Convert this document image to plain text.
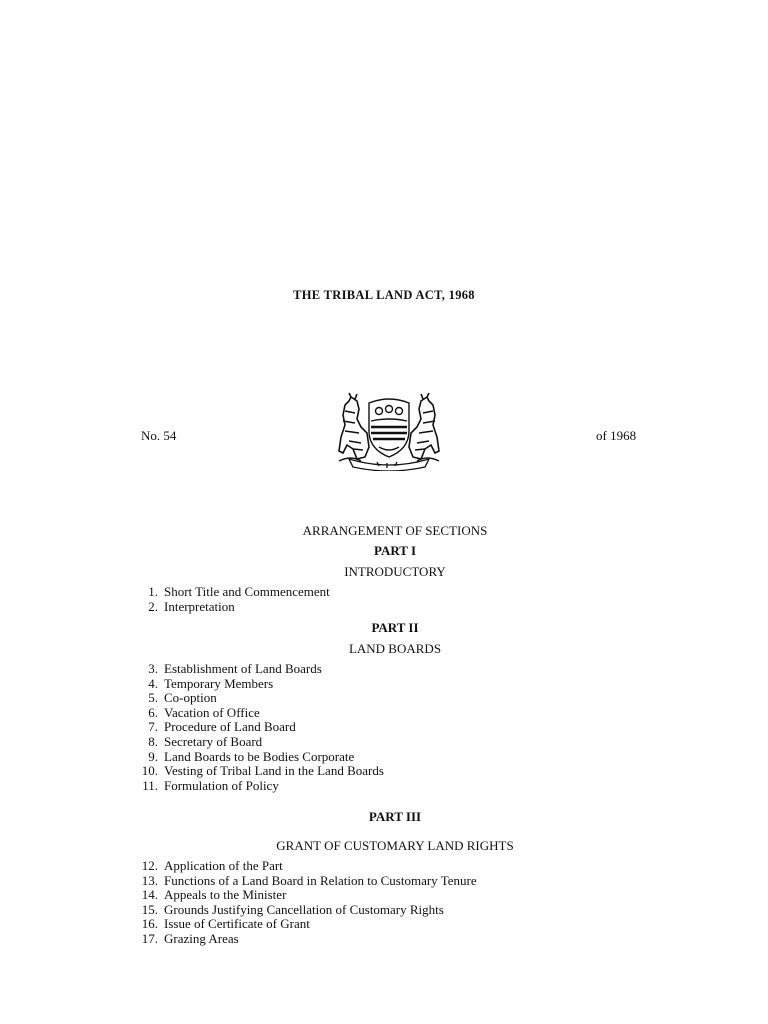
THE TRIBAL LAND ACT, 1968
No. 54	of 1968
ARRANGEMENT OF SECTIONS
PART I
INTRODUCTORY
1. Short Title and Commencement
2. Interpretation
PART II
LAND BOARDS
3. Establishment of Land Boards
4. Temporary Members
5. Co-option
6. Vacation of Office
7. Procedure of Land Board
8. Secretary of Board
9. Land Boards to be Bodies Corporate
10. Vesting of Tribal Land in the Land Boards
11. Formulation of Policy
PART III
GRANT OF CUSTOMARY LAND RIGHTS
12. Application of the Part
13. Functions of a Land Board in Relation to Customary Tenure
14. Appeals to the Minister
15. Grounds Justifying Cancellation of Customary Rights
16. Issue of Certificate of Grant
17. Grazing Areas
